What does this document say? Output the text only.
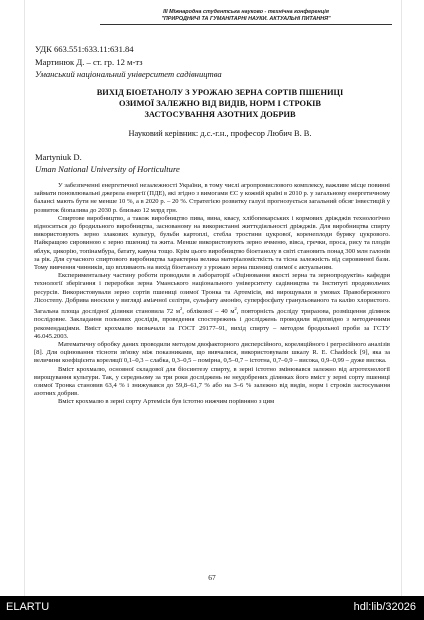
III Міжнародна студентська науково - технічна конференція
"ПРИРОДНИЧІ ТА ГУМАНІТАРНІ НАУКИ. АКТУАЛЬНІ ПИТАННЯ"
УДК 663.551:633.11:631.84
Мартинюк Д. – ст. гр. 12 м-тз
Уманський національний університет садівництва
ВИХІД БІОЕТАНОЛУ З УРОЖАЮ ЗЕРНА СОРТІВ ПШЕНИЦІ
ОЗИМОЇ ЗАЛЕЖНО ВІД ВИДІВ, НОРМ І СТРОКІВ
ЗАСТОСУВАННЯ АЗОТНИХ ДОБРИВ
Науковий керівник: д.с.-г.н., професор Любич В. В.
Martyniuk D.
Uman National University of Horticulture

У забезпеченні енергетичної незалежності України, в тому числі агропромислового комплексу, важливе місце повинні займати поновлювальні джерела енергії (ПДЕ), які згідно з вимогами ЄС у кожній країні в 2010 р. у загальному енергетичному балансі мають бути не менше 10 %, а в 2020 р. – 20 %. Стратегією розвитку галузі прогнозується загальний обсяг інвестицій у розвиток біопалива до 2030 р. близько 12 млрд грн.

Спиртове виробництво, а також виробництво пива, вина, квасу, хлібопекарських і кормових дріжджів технологічно відноситься до бродильного виробництва, заснованому на використанні життєдіяльності дріжджів. Для виробництва спирту використовують зерно злакових культур, бульби картоплі, стебла тростини цукрової, коренеплоди буряку цукрового. Найкращою сировиною є зерно пшениці та жита. Менше використовують зерно ячменю, вівса, гречки, проса, рису та плодів яблук, цикорію, топінамбура, батату, кавуна тощо. Крім цього виробництво біоетанолу в світі становить понад 300 млн галонів за рік. Для сучасного спиртового виробництва характерна велика матеріаломісткість та тісна залежність від сировинної бази. Тому вивчення чинників, що впливають на вихід біоетанолу з урожаю зерна пшениці озимої є актуальним.

Експериментальну частину роботи проводили в лабораторії «Оцінювання якості зерна та зернопродуктів» кафедри технології зберігання і переробки зерна Уманського національного університету садівництва та Інституті продовольчих ресурсів. Використовували зерно сортів пшениці озимої Тронка та Артемісія, які вирощували в умовах Правобережного Лісостепу. Добрива вносили у вигляді аміачної селітри, сульфату амонію, суперфосфату гранульованого та калію хлористого. Загальна площа дослідної ділянки становила 72 $м^2$, облікової – 40 $м^2$, повторність досліду триразова, розміщення ділянок послідовне. Закладання польових дослідів, проведення спостережень і досліджень проводили відповідно з методичними рекомендаціями. Вміст крохмалю визначали за ГОСТ 29177–91, вихід спирту – методом бродильної проби за ГСТУ 46.045.2003.

Математичну обробку даних проводили методом двофакторного дисперсійного, кореляційного і регресійного аналізів [8]. Для оцінювання тісноти зв'язку між показниками, що вивчалися, використовували шкалу R. E. Chaddock [9], яка за величини коефіцієнта кореляції 0,1–0,3 – слабка, 0,3–0,5 – помірна, 0,5–0,7 – істотна, 0,7–0,9 – висока, 0,9–0,99 – дуже висока.

Вміст крохмалю, основної складової для біосинтезу спирту, в зерні істотно змінювався залежно від агротехнології вирощування культури. Так, у середньому за три роки досліджень не неудобрених ділянках його вміст у зерні сорту пшениці озимої Тронка становив 63,4 % і знижувався до 59,8–61,7 % або на 3–6 % залежно від видів, норм і строків застосування азотних добрив.

Вміст крохмалю в зерні сорту Артемісія був істотно нижчим порівняно з цим

67
ELARTU	hdl:lib/32026
